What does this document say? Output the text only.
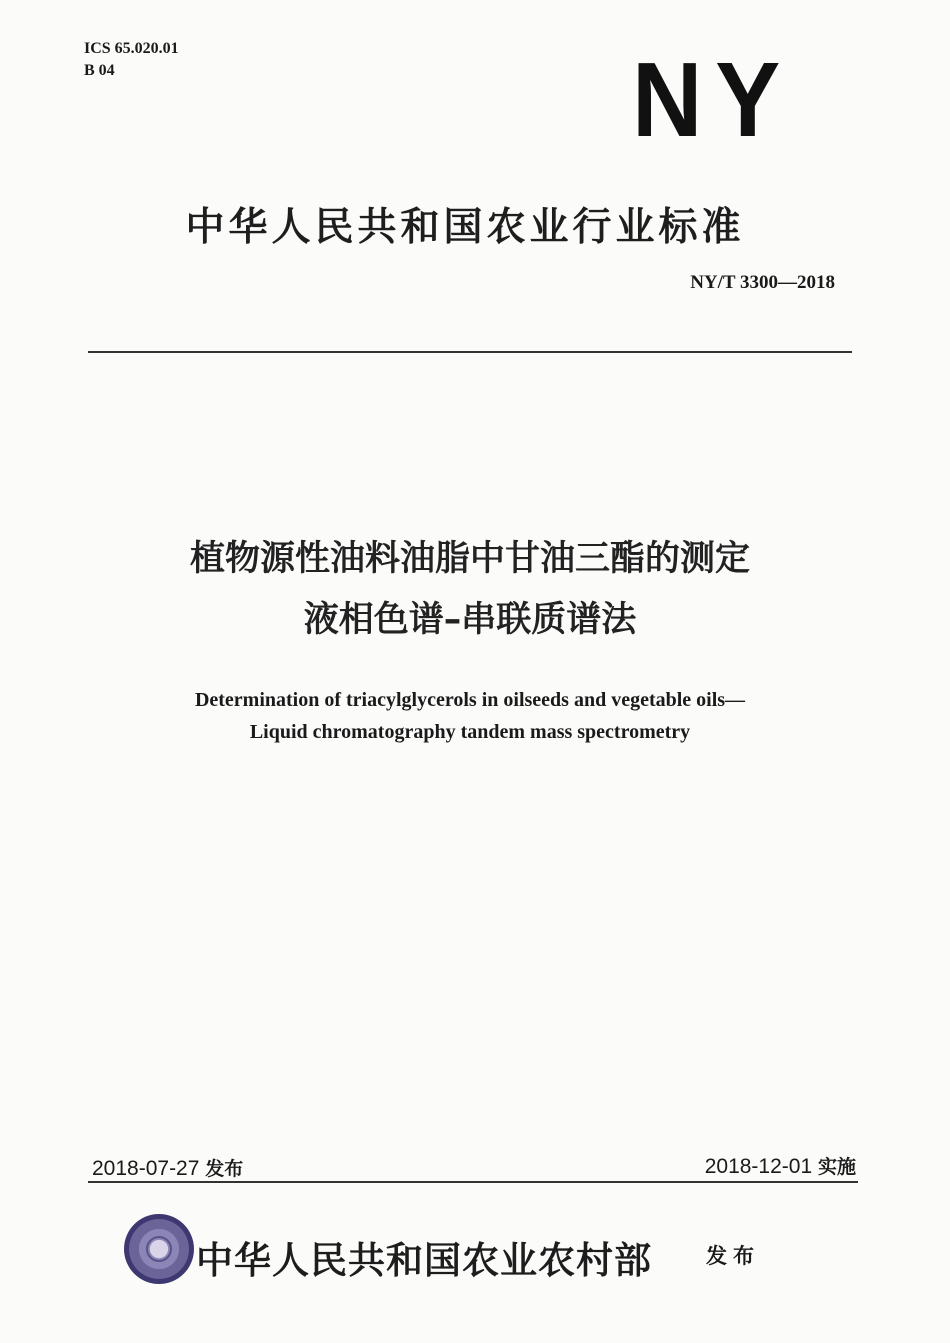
ICS 65.020.01
B 04	NY
中华人民共和国农业行业标准
NY/T 3300—2018
植物源性油料油脂中甘油三酯的测定
液相色谱–串联质谱法
Determination of triacylglycerols in oilseeds and vegetable oils—
Liquid chromatography tandem mass spectrometry
2018-07-27 发布	2018-12-01 实施
中华人民共和国农业农村部	发布
